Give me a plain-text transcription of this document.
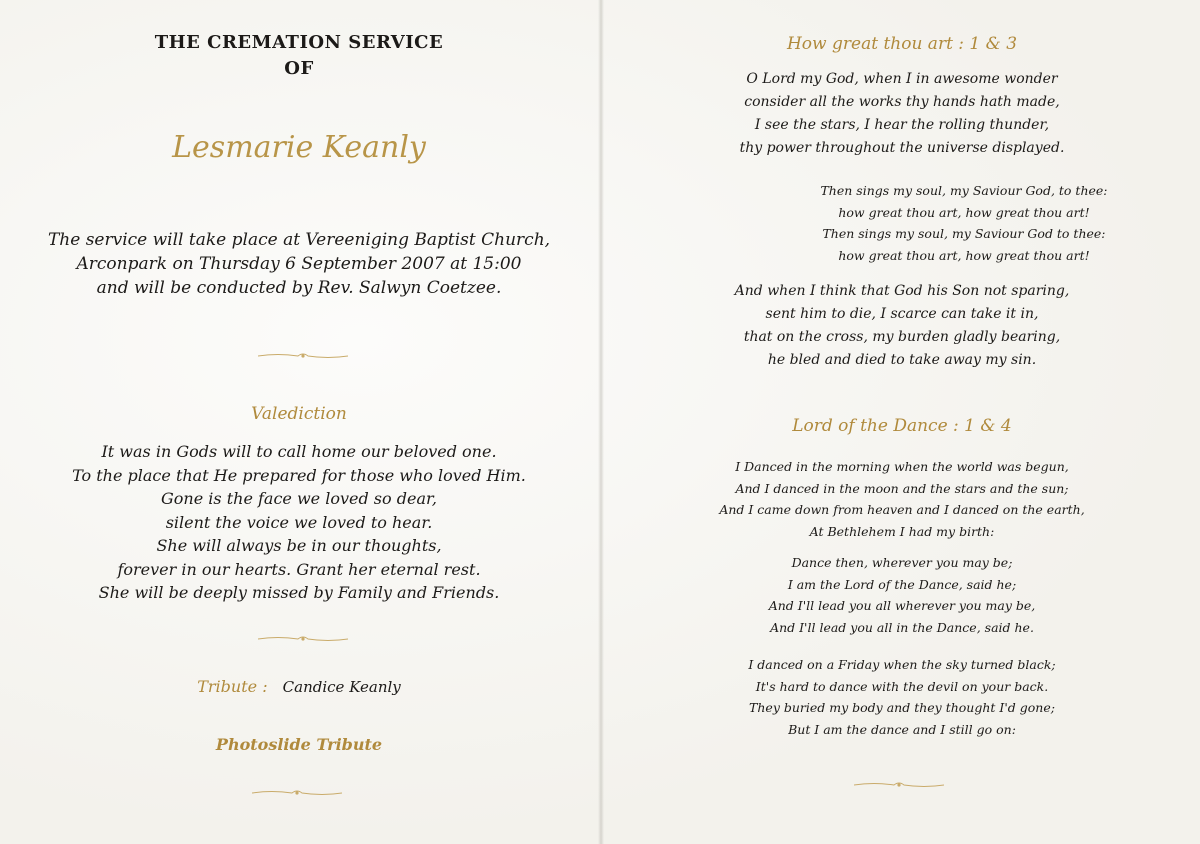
THE CREMATION SERVICE
OF
Lesmarie Keanly
The service will take place at Vereeniging Baptist Church,
Arconpark on Thursday 6 September 2007 at 15:00
and will be conducted by Rev. Salwyn Coetzee.
Valediction
It was in Gods will to call home our beloved one.
To the place that He prepared for those who loved Him.
Gone is the face we loved so dear,
silent the voice we loved to hear.
She will always be in our thoughts,
forever in our hearts. Grant her eternal rest.
She will be deeply missed by Family and Friends.
Tribute : Candice Keanly
Photoslide Tribute
How great thou art : 1 & 3
O Lord my God, when I in awesome wonder
consider all the works thy hands hath made,
I see the stars, I hear the rolling thunder,
thy power throughout the universe displayed.
Then sings my soul, my Saviour God, to thee:
how great thou art, how great thou art!
Then sings my soul, my Saviour God to thee:
how great thou art, how great thou art!
And when I think that God his Son not sparing,
sent him to die, I scarce can take it in,
that on the cross, my burden gladly bearing,
he bled and died to take away my sin.
Lord of the Dance : 1 & 4
I Danced in the morning when the world was begun,
And I danced in the moon and the stars and the sun;
And I came down from heaven and I danced on the earth,
At Bethlehem I had my birth:
Dance then, wherever you may be;
I am the Lord of the Dance, said he;
And I'll lead you all wherever you may be,
And I'll lead you all in the Dance, said he.
I danced on a Friday when the sky turned black;
It's hard to dance with the devil on your back.
They buried my body and they thought I'd gone;
But I am the dance and I still go on:
